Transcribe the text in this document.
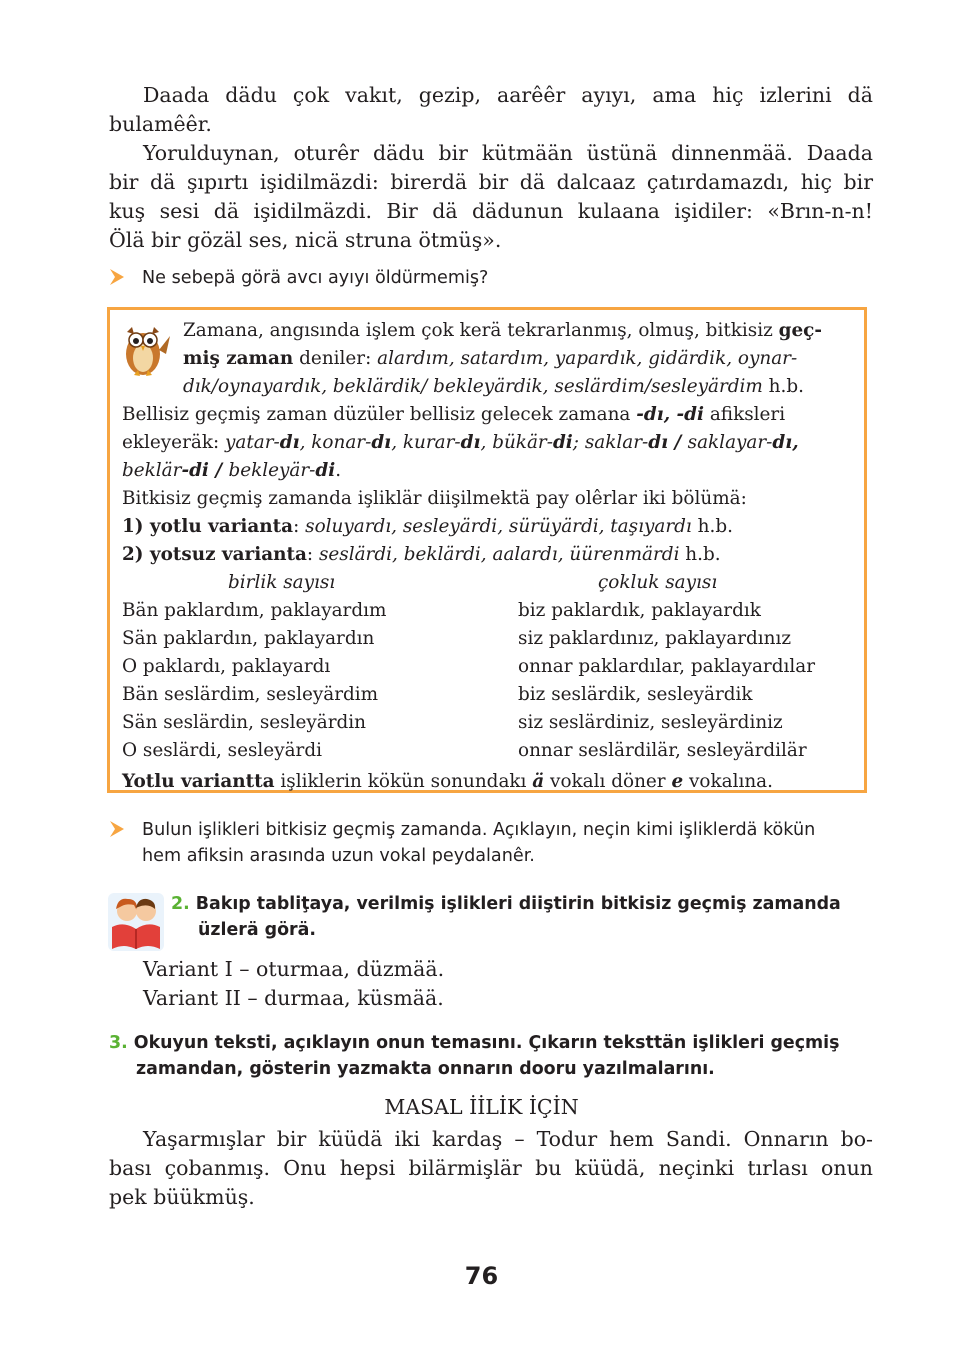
Daada dädu çok vakıt, gezip, aarêêr ayıyı, ama hiç izlerini dä
bulamêêr.
Yorulduynan, oturêr dädu bir kütmään üstünä dinnenmää. Daada
bir dä şıpırtı işidilmäzdi: birerdä bir dä dalcaaz çatırdamazdı, hiç bir
kuş sesi dä işidilmäzdi. Bir dä dädunun kulaana işidiler: «Brın-n-n!
Ölä bir gözäl ses, nicä struna ötmüş».
Ne sebepä görä avcı ayıyı öldürmemiş?
Zamana, angısında işlem çok kerä tekrarlanmış, olmuş, bitkisiz geç-
miş zaman deniler: alardım, satardım, yapardık, gidärdik, oynar-
dık/oynayardık, beklärdik/ bekleyärdik, seslärdim/sesleyärdim h.b.
Bellisiz geçmiş zaman düzüler bellisiz gelecek zamana -dı, -di afiksleri
ekleyeräk: yatar-dı, konar-dı, kurar-dı, bükär-di; saklar-dı / saklayar-dı,
beklär-di / bekleyär-di.
Bitkisiz geçmiş zamanda işliklär diişilmektä pay olêrlar iki bölümä:
1) yotlu varianta: soluyardı, sesleyärdi, sürüyärdi, taşıyardı h.b.
2) yotsuz varianta: seslärdi, beklärdi, aalardı, üürenmärdi h.b.
birlik sayısı	çokluk sayısı
Bän paklardım, paklayardım
Sän paklardın, paklayardın
O paklardı, paklayardı
Bän seslärdim, sesleyärdim
Sän seslärdin, sesleyärdin
O seslärdi, sesleyärdi
biz paklardık, paklayardık
siz paklardınız, paklayardınız
onnar paklardılar, paklayardılar
biz seslärdik, sesleyärdik
siz seslärdiniz, sesleyärdiniz
onnar seslärdilär, sesleyärdilär
Yotlu variantta işliklerin kökün sonundakı ä vokalı döner e vokalına.
Bulun işlikleri bitkisiz geçmiş zamanda. Açıklayın, neçin kimi işliklerdä kökün
hem afiksin arasında uzun vokal peydalanêr.
2. Bakıp tabliţaya, verilmiş işlikleri diiştirin bitkisiz geçmiş zamanda
üzlerä görä.
Variant I – oturmaa, düzmää.
Variant II – durmaa, küsmää.
3. Okuyun teksti, açıklayın onun temasını. Çıkarın teksttän işlikleri geçmiş
zamandan, gösterin yazmakta onnarın dooru yazılmalarını.
MASAL İİLİK İÇİN
Yaşarmışlar bir küüdä iki kardaş – Todur hem Sandi. Onnarın bo-
bası çobanmış. Onu hepsi bilärmişlär bu küüdä, neçinki tırlası onun
pek büükmüş.
76
